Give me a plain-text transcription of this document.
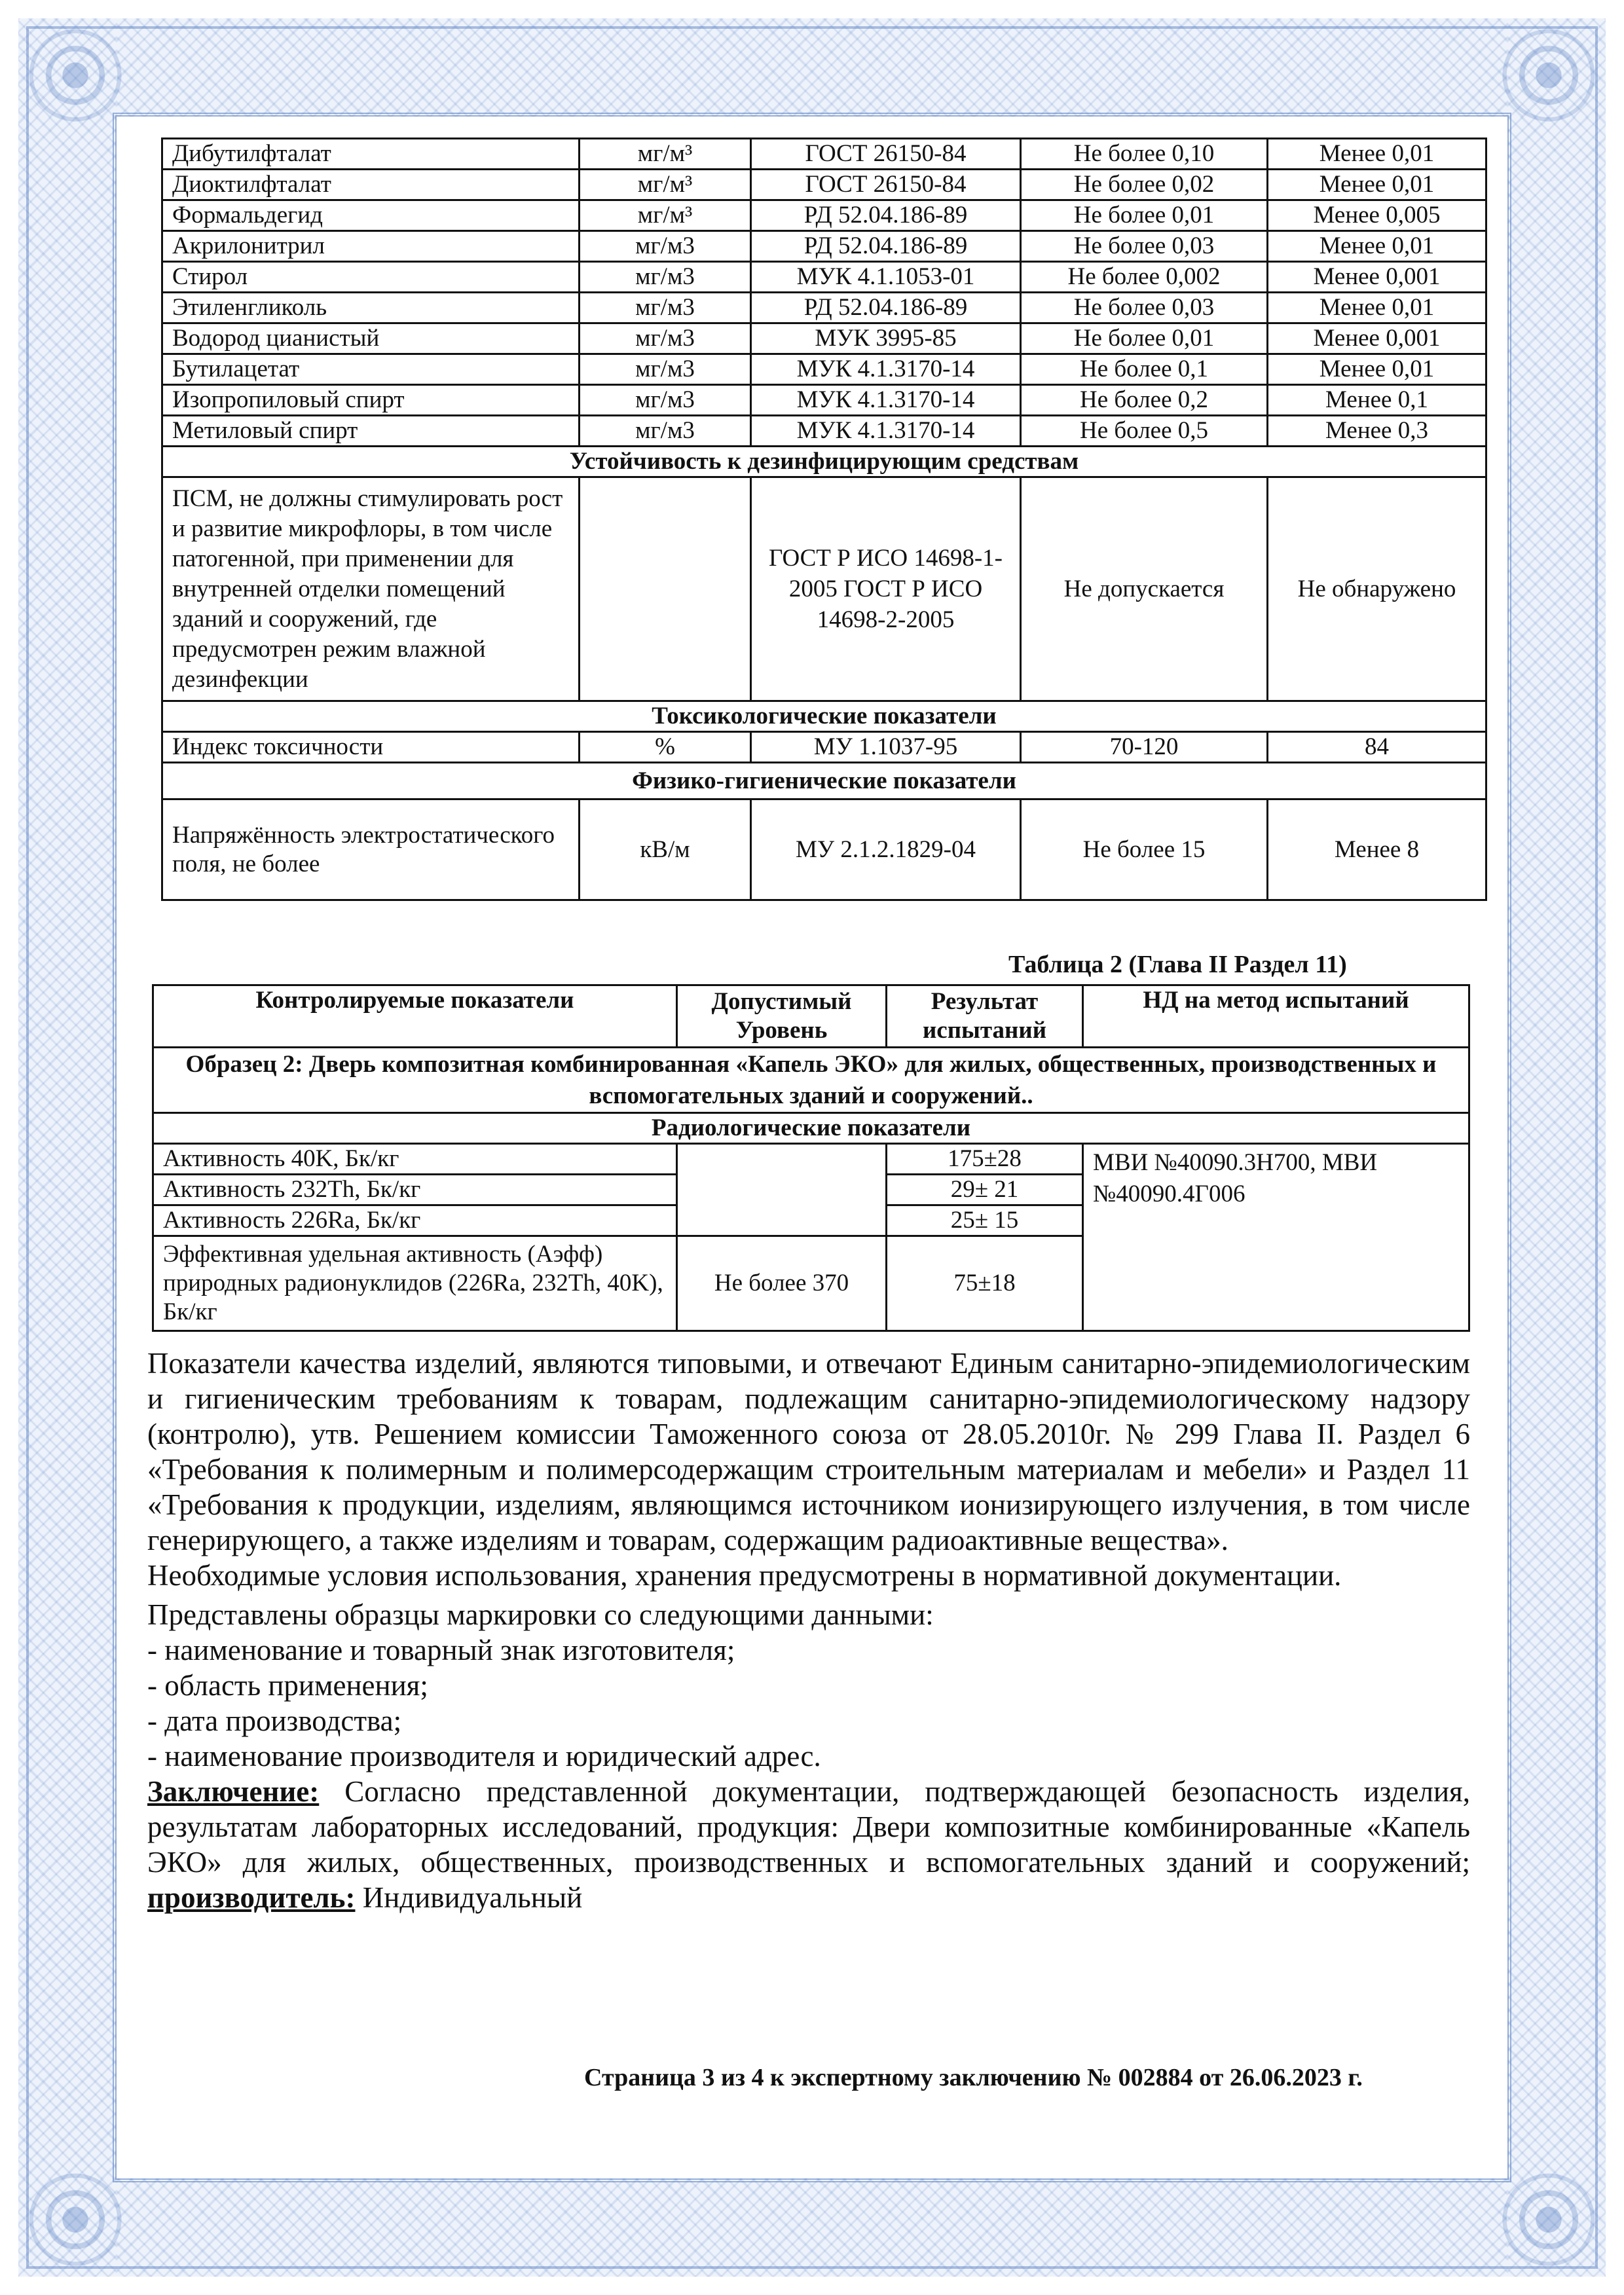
Дибутилфталат	мг/м³	ГОСТ 26150-84	Не более 0,10	Менее 0,01
Диоктилфталат	мг/м³	ГОСТ 26150-84	Не более 0,02	Менее 0,01
Формальдегид	мг/м³	РД 52.04.186-89	Не более 0,01	Менее 0,005
Акрилонитрил	мг/м3	РД 52.04.186-89	Не более 0,03	Менее 0,01
Стирол	мг/м3	МУК 4.1.1053-01	Не более 0,002	Менее 0,001
Этиленгликоль	мг/м3	РД 52.04.186-89	Не более 0,03	Менее 0,01
Водород цианистый	мг/м3	МУК 3995-85	Не более 0,01	Менее 0,001
Бутилацетат	мг/м3	МУК 4.1.3170-14	Не более 0,1	Менее 0,01
Изопропиловый спирт	мг/м3	МУК 4.1.3170-14	Не более 0,2	Менее 0,1
Метиловый спирт	мг/м3	МУК 4.1.3170-14	Не более 0,5	Менее 0,3
Устойчивость к дезинфицирующим средствам				
ПСМ, не должны стимулировать рост и развитие микрофлоры, в том числе патогенной, при применении для внутренней отделки помещений зданий и сооружений, где предусмотрен режим влажной дезинфекции		ГОСТ Р ИСО 14698-1-2005 ГОСТ Р ИСО 14698-2-2005	Не допускается	Не обнаружено
Токсикологические показатели				
Индекс токсичности	%	МУ 1.1037-95	70-120	84
Физико-гигиенические показатели				
Напряжённость электростатического поля, не более	кВ/м	МУ 2.1.2.1829-04	Не более 15	Менее 8
Таблица 2 (Глава II Раздел 11)
Контролируемые показатели	Допустимый Уровень	Результат испытаний	НД на метод испытаний
Образец 2: Дверь композитная комбинированная «Капель ЭКО» для жилых, общественных, производственных и вспомогательных зданий и сооружений..			
Радиологические показатели			
Активность 40K, Бк/кг		175±28	МВИ №40090.3Н700, МВИ №40090.4Г006
Активность 232Th, Бк/кг		29± 21	
Активность 226Ra, Бк/кг		25± 15	
Эффективная удельная активность (Аэфф) природных радионуклидов (226Ra, 232Th, 40K), Бк/кг	Не более 370	75±18	

Показатели качества изделий, являются типовыми, и отвечают Единым санитарно-эпидемиологическим и гигиеническим требованиям к товарам, подлежащим санитарно-эпидемиологическому надзору (контролю), утв. Решением комиссии Таможенного союза от 28.05.2010г. № 299 Глава II. Раздел 6 «Требования к полимерным и полимерсодержащим строительным материалам и мебели» и Раздел 11 «Требования к продукции, изделиям, являющимся источником ионизирующего излучения, в том числе генерирующего, а также изделиям и товарам, содержащим радиоактивные вещества».

Необходимые условия использования, хранения предусмотрены в нормативной документации.

Представлены образцы маркировки со следующими данными:

- наименование и товарный знак изготовителя;

- область применения;

- дата производства;

- наименование производителя и юридический адрес.

Заключение: Согласно представленной документации, подтверждающей безопасность изделия, результатам лабораторных исследований, продукция: Двери композитные комбинированные «Капель ЭКО» для жилых, общественных, производственных и вспомогательных зданий и сооружений; производитель: Индивидуальный

Страница 3 из 4 к экспертному заключению № 002884 от 26.06.2023 г.
